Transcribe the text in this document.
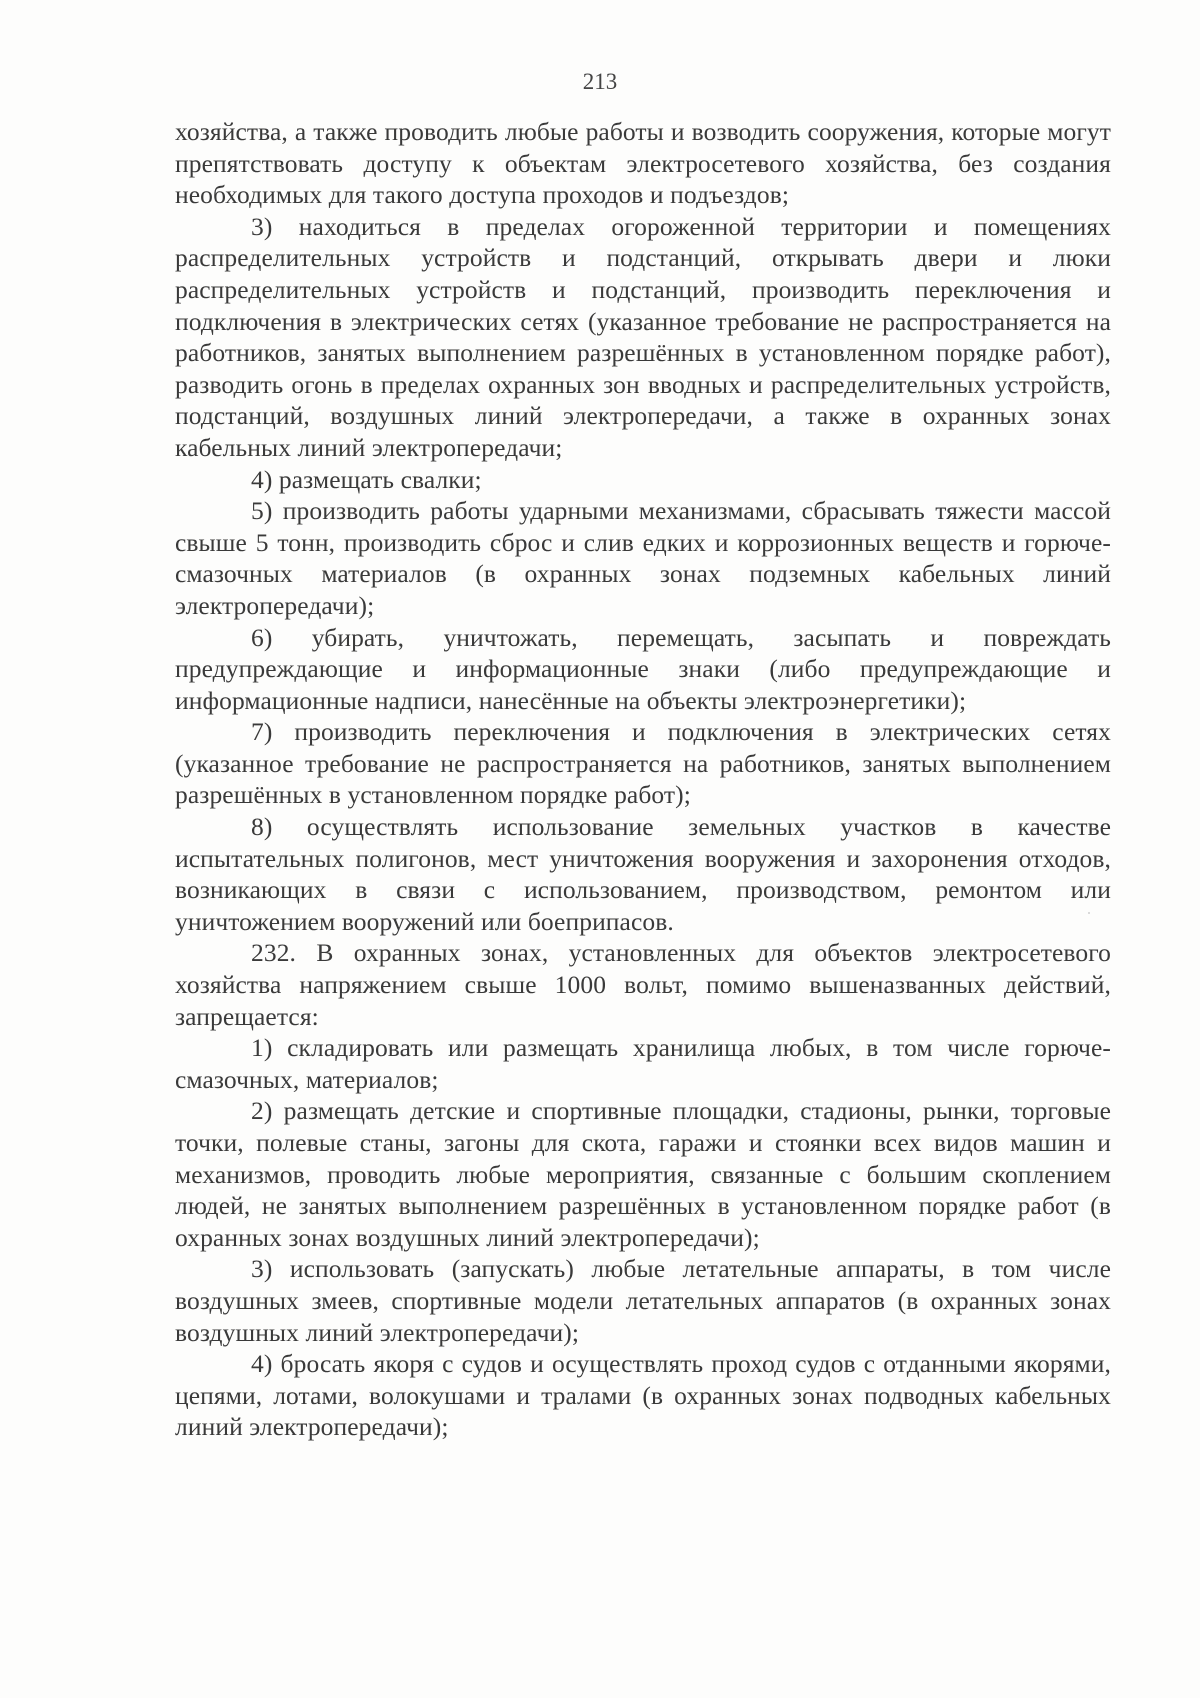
213

хозяйства, а также проводить любые работы и возводить сооружения, которые могут препятствовать доступу к объектам электросетевого хозяйства, без создания необходимых для такого доступа проходов и подъездов;

3) находиться в пределах огороженной территории и помещениях распределительных устройств и подстанций, открывать двери и люки распределительных устройств и подстанций, производить переключения и подключения в электрических сетях (указанное требование не распространяется на работников, занятых выполнением разрешённых в установленном порядке работ), разводить огонь в пределах охранных зон вводных и распределительных устройств, подстанций, воздушных линий электропередачи, а также в охранных зонах кабельных линий электропередачи;

4) размещать свалки;

5) производить работы ударными механизмами, сбрасывать тяжести массой свыше 5 тонн, производить сброс и слив едких и коррозионных веществ и горюче-смазочных материалов (в охранных зонах подземных кабельных линий электропередачи);

6) убирать, уничтожать, перемещать, засыпать и повреждать предупреждающие и информационные знаки (либо предупреждающие и информационные надписи, нанесённые на объекты электроэнергетики);

7) производить переключения и подключения в электрических сетях (указанное требование не распространяется на работников, занятых выполнением разрешённых в установленном порядке работ);

8) осуществлять использование земельных участков в качестве испытательных полигонов, мест уничтожения вооружения и захоронения отходов, возникающих в связи с использованием, производством, ремонтом или уничтожением вооружений или боеприпасов.

232. В охранных зонах, установленных для объектов электросетевого хозяйства напряжением свыше 1000 вольт, помимо вышеназванных действий, запрещается:

1) складировать или размещать хранилища любых, в том числе горюче-смазочных, материалов;

2) размещать детские и спортивные площадки, стадионы, рынки, торговые точки, полевые станы, загоны для скота, гаражи и стоянки всех видов машин и механизмов, проводить любые мероприятия, связанные с большим скоплением людей, не занятых выполнением разрешённых в установленном порядке работ (в охранных зонах воздушных линий электропередачи);

3) использовать (запускать) любые летательные аппараты, в том числе воздушных змеев, спортивные модели летательных аппаратов (в охранных зонах воздушных линий электропередачи);

4) бросать якоря с судов и осуществлять проход судов с отданными якорями, цепями, лотами, волокушами и тралами (в охранных зонах подводных кабельных линий электропередачи);
